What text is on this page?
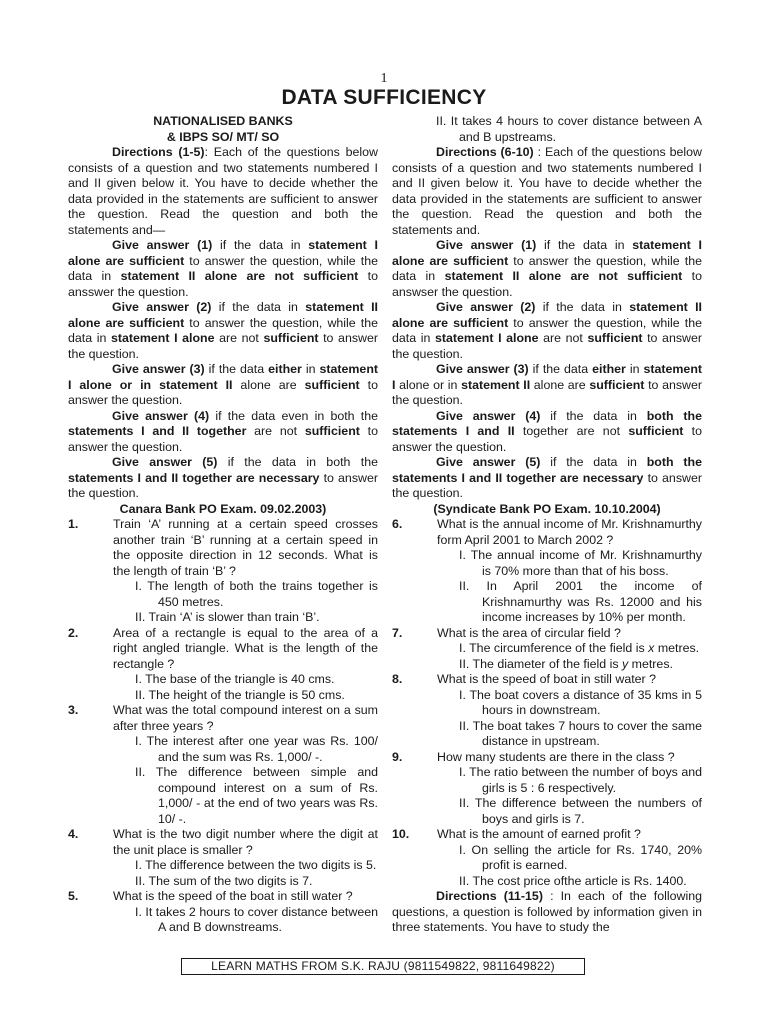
1
DATA SUFFICIENCY

NATIONALISED BANKS

& IBPS SO/ MT/ SO

Directions (1-5): Each of the questions below consists of a question and two statements numbered I and II given below it. You have to decide whether the data provided in the statements are sufficient to answer the question. Read the question and both the statements and—

Give answer (1) if the data in statement I alone are sufficient to answer the question, while the data in statement II alone are not sufficient to ansswer the question.

Give answer (2) if the data in statement II alone are sufficient to answer the question, while the data in statement I alone are not sufficient to answer the question.

Give answer (3) if the data either in statement I alone or in statement II alone are sufficient to answer the question.

Give answer (4) if the data even in both the statements I and II together are not sufficient to answer the question.

Give answer (5) if the data in both the statements I and II together are necessary to answer the question.

Canara Bank PO Exam. 09.02.2003)

1.	Train ‘A’ running at a certain speed crosses another train ‘B’ running at a certain speed in the opposite direction in 12 seconds. What is the length of train ‘B’ ?

I. The length of both the trains together is 450 metres.

II. Train ‘A’ is slower than train ‘B’.

2.	Area of a rectangle is equal to the area of a right angled triangle. What is the length of the rectangle ?

I. The base of the triangle is 40 cms.

II. The height of the triangle is 50 cms.

3.	What was the total compound interest on a sum after three years ?

I. The interest after one year was Rs. 100/ and the sum was Rs. 1,000/ -.

II. The difference between simple and compound interest on a sum of Rs. 1,000/ - at the end of two years was Rs. 10/ -.

4.	What is the two digit number where the digit at the unit place is smaller ?

I. The difference between the two digits is 5.

II. The sum of the two digits is 7.

5.	What is the speed of the boat in still water ?

I. It takes 2 hours to cover distance between A and B downstreams.

II. It takes 4 hours to cover distance between A and B upstreams.

Directions (6-10) : Each of the questions below consists of a question and two statements numbered I and II given below it. You have to decide whether the data provided in the statements are sufficient to answer the question. Read the question and both the statements and.

Give answer (1) if the data in statement I alone are sufficient to answer the question, while the data in statement II alone are not sufficient to answser the question.

Give answer (2) if the data in statement II alone are sufficient to answer the question, while the data in statement I alone are not sufficient to answer the question.

Give answer (3) if the data either in statement I alone or in statement II alone are sufficient to answer the question.

Give answer (4) if the data in both the statements I and II together are not sufficient to answer the question.

Give answer (5) if the data in both the statements I and II together are necessary to answer the question.

(Syndicate Bank PO Exam. 10.10.2004)

6.	What is the annual income of Mr. Krishnamurthy form April 2001 to March 2002 ?

I. The annual income of Mr. Krishnamurthy is 70% more than that of his boss.

II. In April 2001 the income of Krishnamurthy was Rs. 12000 and his income increases by 10% per month.

7.	What is the area of circular field ?

I. The circumference of the field is x metres.

II. The diameter of the field is y metres.

8.	What is the speed of boat in still water ?

I. The boat covers a distance of 35 kms in 5 hours in downstream.

II. The boat takes 7 hours to cover the same distance in upstream.

9.	How many students are there in the class ?

I. The ratio between the number of boys and girls is 5 : 6 respectively.

II. The difference between the numbers of boys and girls is 7.

10.	What is the amount of earned profit ?

I. On selling the article for Rs. 1740, 20% profit is earned.

II. The cost price ofthe article is Rs. 1400.

Directions (11-15) : In each of the following questions, a question is followed by information given in three statements. You have to study the

LEARN MATHS FROM S.K. RAJU (9811549822, 9811649822)
